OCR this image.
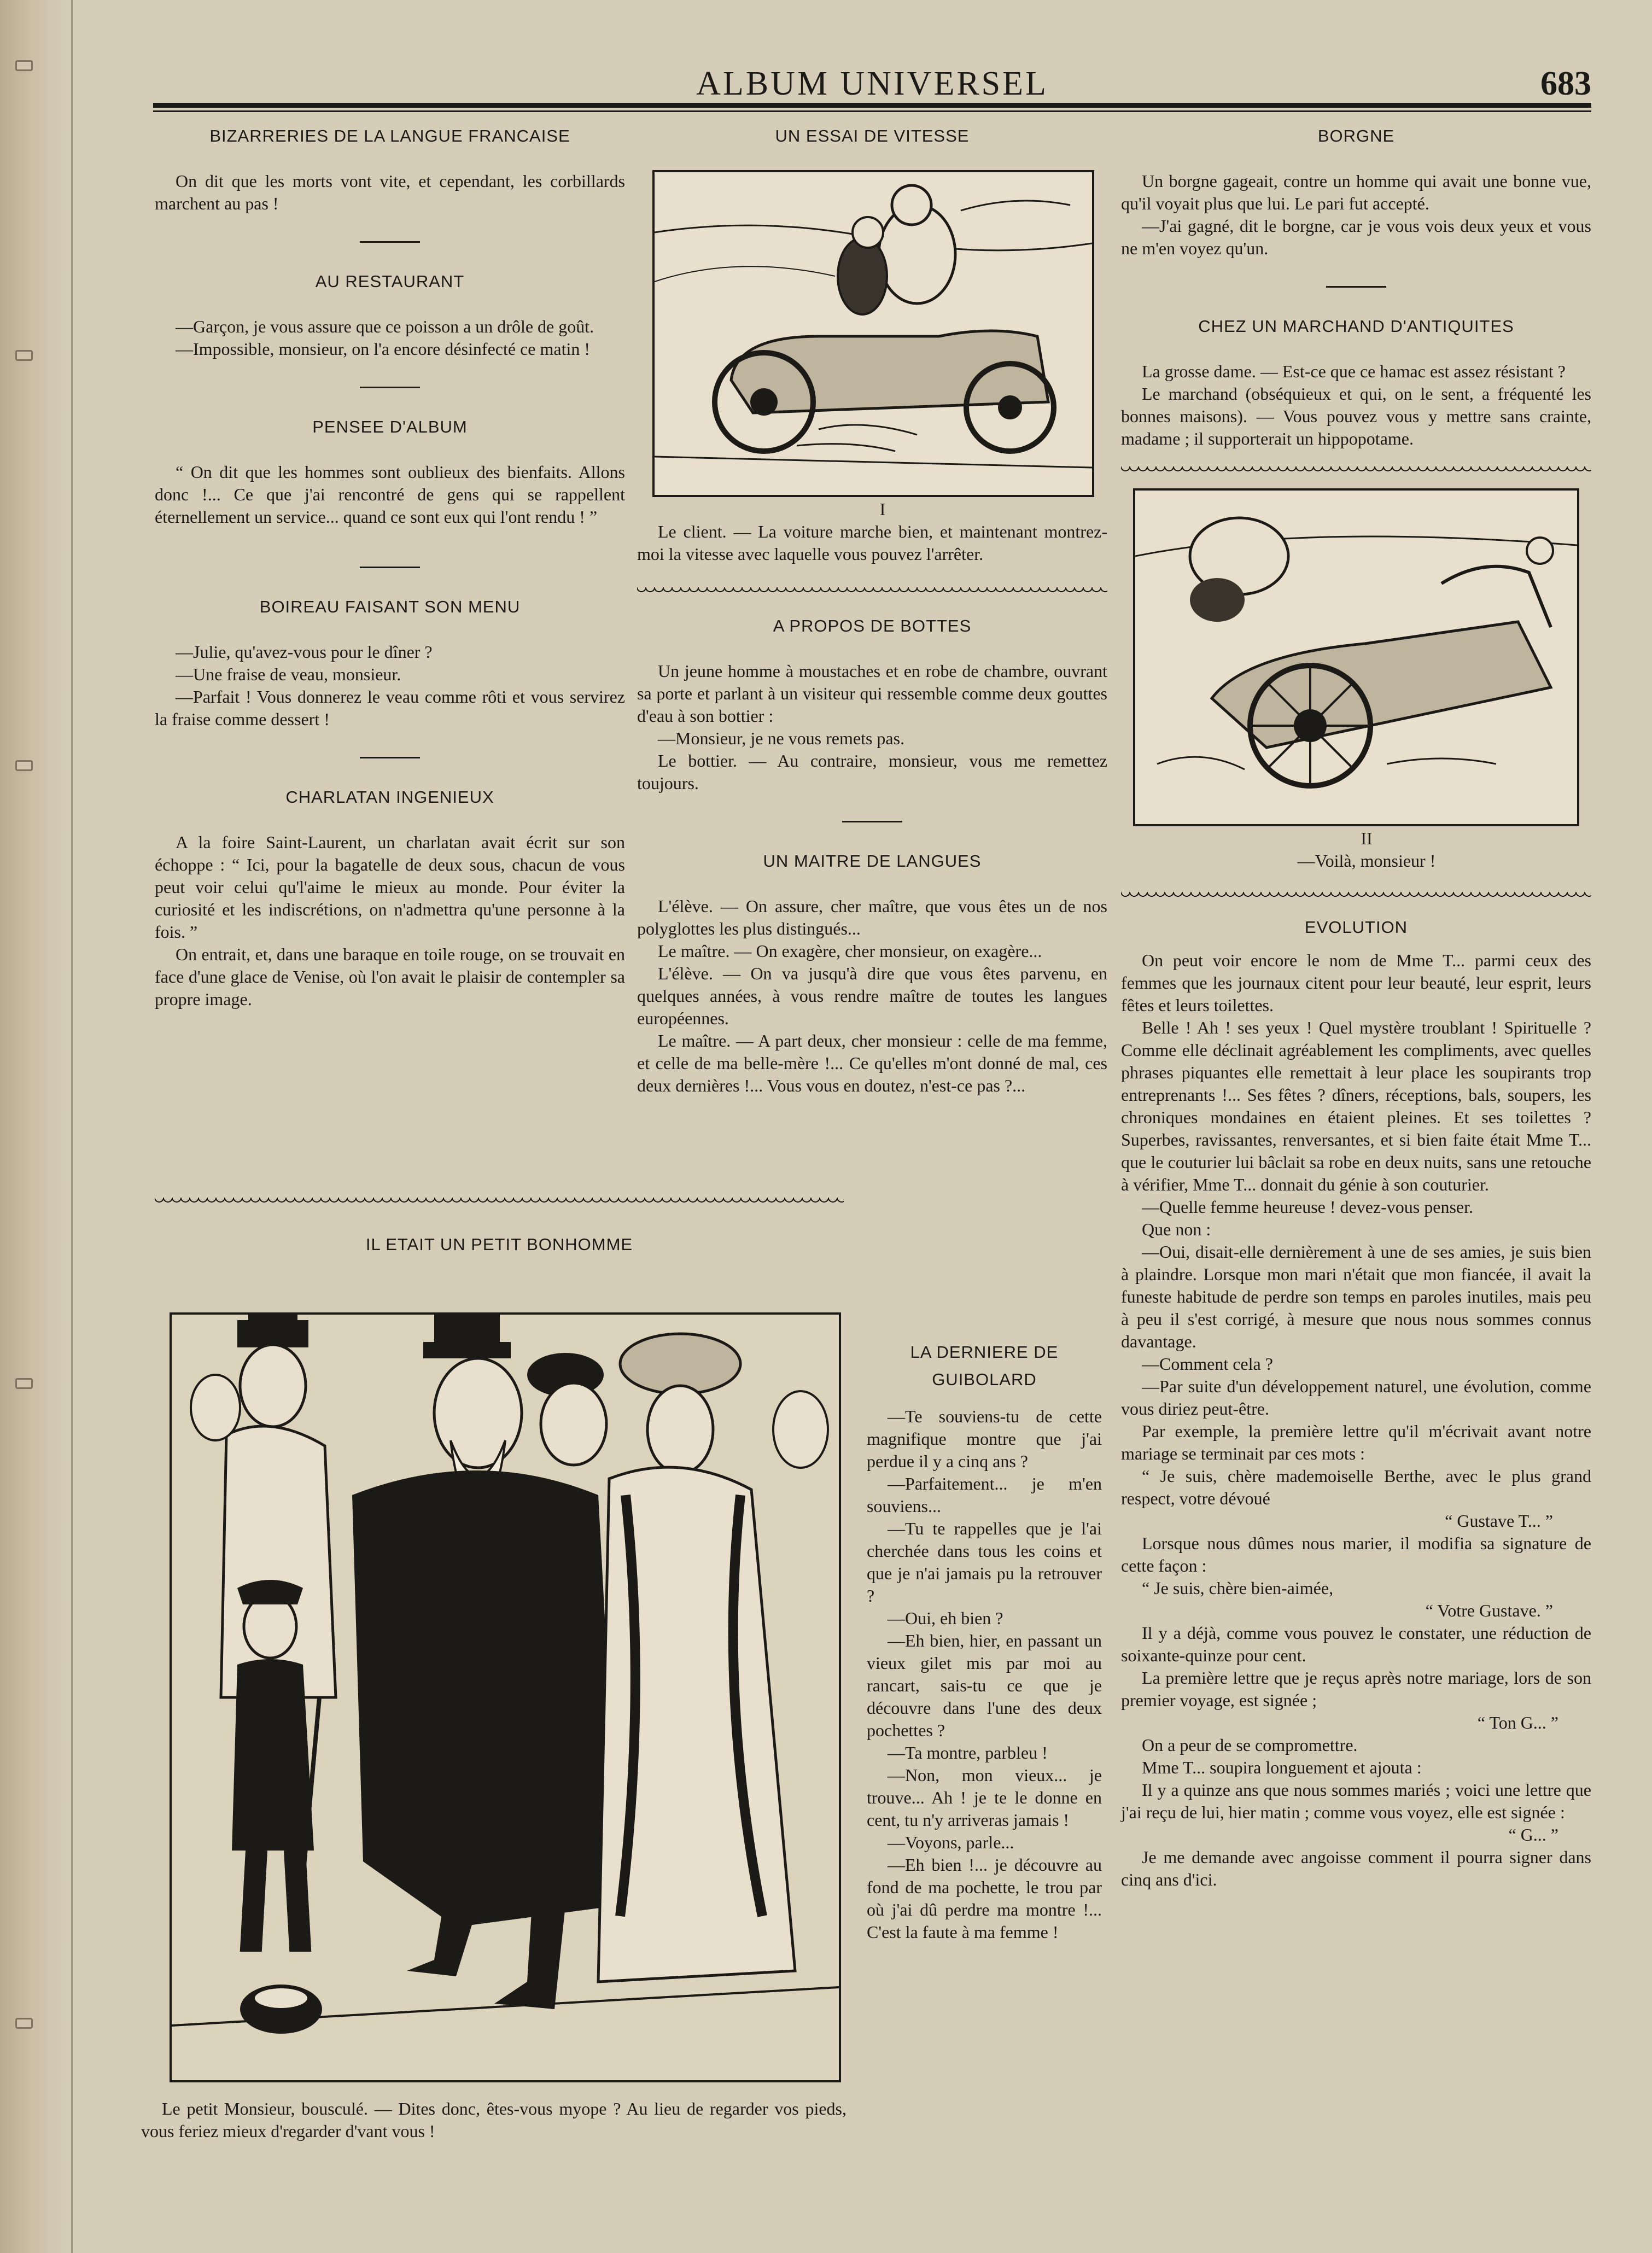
ALBUM UNIVERSEL	683
BIZARRERIES DE LA LANGUE FRANCAISE

On dit que les morts vont vite, et cependant, les corbillards marchent au pas !

AU RESTAURANT

—Garçon, je vous assure que ce poisson a un drôle de goût.

—Impossible, monsieur, on l'a encore désinfecté ce matin !

PENSEE D'ALBUM

“ On dit que les hommes sont oublieux des bienfaits. Allons donc !... Ce que j'ai rencontré de gens qui se rappellent éternellement un service... quand ce sont eux qui l'ont rendu ! ”

BOIREAU FAISANT SON MENU

—Julie, qu'avez-vous pour le dîner ?

—Une fraise de veau, monsieur.

—Parfait ! Vous donnerez le veau comme rôti et vous servirez la fraise comme dessert !

CHARLATAN INGENIEUX

A la foire Saint-Laurent, un charlatan avait écrit sur son échoppe : “ Ici, pour la bagatelle de deux sous, chacun de vous peut voir celui qu'l'aime le mieux au monde. Pour éviter la curiosité et les indiscrétions, on n'admettra qu'une personne à la fois. ”

On entrait, et, dans une baraque en toile rouge, on se trouvait en face d'une glace de Venise, où l'on avait le plaisir de contempler sa propre image.

UN ESSAI DE VITESSE

I

Le client. — La voiture marche bien, et maintenant montrez-moi la vitesse avec laquelle vous pouvez l'arrêter.

A PROPOS DE BOTTES

Un jeune homme à moustaches et en robe de chambre, ouvrant sa porte et parlant à un visiteur qui ressemble comme deux gouttes d'eau à son bottier :

—Monsieur, je ne vous remets pas.

Le bottier. — Au contraire, monsieur, vous me remettez toujours.

UN MAITRE DE LANGUES

L'élève. — On assure, cher maître, que vous êtes un de nos polyglottes les plus distingués...

Le maître. — On exagère, cher monsieur, on exagère...

L'élève. — On va jusqu'à dire que vous êtes parvenu, en quelques années, à vous rendre maître de toutes les langues européennes.

Le maître. — A part deux, cher monsieur : celle de ma femme, et celle de ma belle-mère !... Ce qu'elles m'ont donné de mal, ces deux dernières !... Vous vous en doutez, n'est-ce pas ?...

BORGNE

Un borgne gageait, contre un homme qui avait une bonne vue, qu'il voyait plus que lui. Le pari fut accepté.

—J'ai gagné, dit le borgne, car je vous vois deux yeux et vous ne m'en voyez qu'un.

CHEZ UN MARCHAND D'ANTIQUITES

La grosse dame. — Est-ce que ce hamac est assez résistant ?

Le marchand (obséquieux et qui, on le sent, a fréquenté les bonnes maisons). — Vous pouvez vous y mettre sans crainte, madame ; il supporterait un hippopotame.

II

—Voilà, monsieur !

EVOLUTION

On peut voir encore le nom de Mme T... parmi ceux des femmes que les journaux citent pour leur beauté, leur esprit, leurs fêtes et leurs toilettes.

Belle ! Ah ! ses yeux ! Quel mystère troublant ! Spirituelle ? Comme elle déclinait agréablement les compliments, avec quelles phrases piquantes elle remettait à leur place les soupirants trop entreprenants !... Ses fêtes ? dîners, réceptions, bals, soupers, les chroniques mondaines en étaient pleines. Et ses toilettes ? Superbes, ravissantes, renversantes, et si bien faite était Mme T... que le couturier lui bâclait sa robe en deux nuits, sans une retouche à vérifier, Mme T... donnait du génie à son couturier.

—Quelle femme heureuse ! devez-vous penser.

Que non :

—Oui, disait-elle dernièrement à une de ses amies, je suis bien à plaindre. Lorsque mon mari n'était que mon fiancée, il avait la funeste habitude de perdre son temps en paroles inutiles, mais peu à peu il s'est corrigé, à mesure que nous nous sommes connus davantage.

—Comment cela ?

—Par suite d'un développement naturel, une évolution, comme vous diriez peut-être.

Par exemple, la première lettre qu'il m'écrivait avant notre mariage se terminait par ces mots :

“ Je suis, chère mademoiselle Berthe, avec le plus grand respect, votre dévoué

“ Gustave T... ”

Lorsque nous dûmes nous marier, il modifia sa signature de cette façon :

“ Je suis, chère bien-aimée,

“ Votre Gustave. ”

Il y a déjà, comme vous pouvez le constater, une réduction de soixante-quinze pour cent.

La première lettre que je reçus après notre mariage, lors de son premier voyage, est signée ;

“ Ton G... ”

On a peur de se compromettre.

Mme T... soupira longuement et ajouta :

Il y a quinze ans que nous sommes mariés ; voici une lettre que j'ai reçu de lui, hier matin ; comme vous voyez, elle est signée :

“ G... ”

Je me demande avec angoisse comment il pourra signer dans cinq ans d'ici.

IL ETAIT UN PETIT BONHOMME

Le petit Monsieur, bousculé. — Dites donc, êtes-vous myope ? Au lieu de regarder vos pieds, vous feriez mieux d'regarder d'vant vous !

LA DERNIERE DE GUIBOLARD

—Te souviens-tu de cette magnifique montre que j'ai perdue il y a cinq ans ?

—Parfaitement... je m'en souviens...

—Tu te rappelles que je l'ai cherchée dans tous les coins et que je n'ai jamais pu la retrouver ?

—Oui, eh bien ?

—Eh bien, hier, en passant un vieux gilet mis par moi au rancart, sais-tu ce que je découvre dans l'une des deux pochettes ?

—Ta montre, parbleu !

—Non, mon vieux... je trouve... Ah ! je te le donne en cent, tu n'y arriveras jamais !

—Voyons, parle...

—Eh bien !... je découvre au fond de ma pochette, le trou par où j'ai dû perdre ma montre !... C'est la faute à ma femme !
